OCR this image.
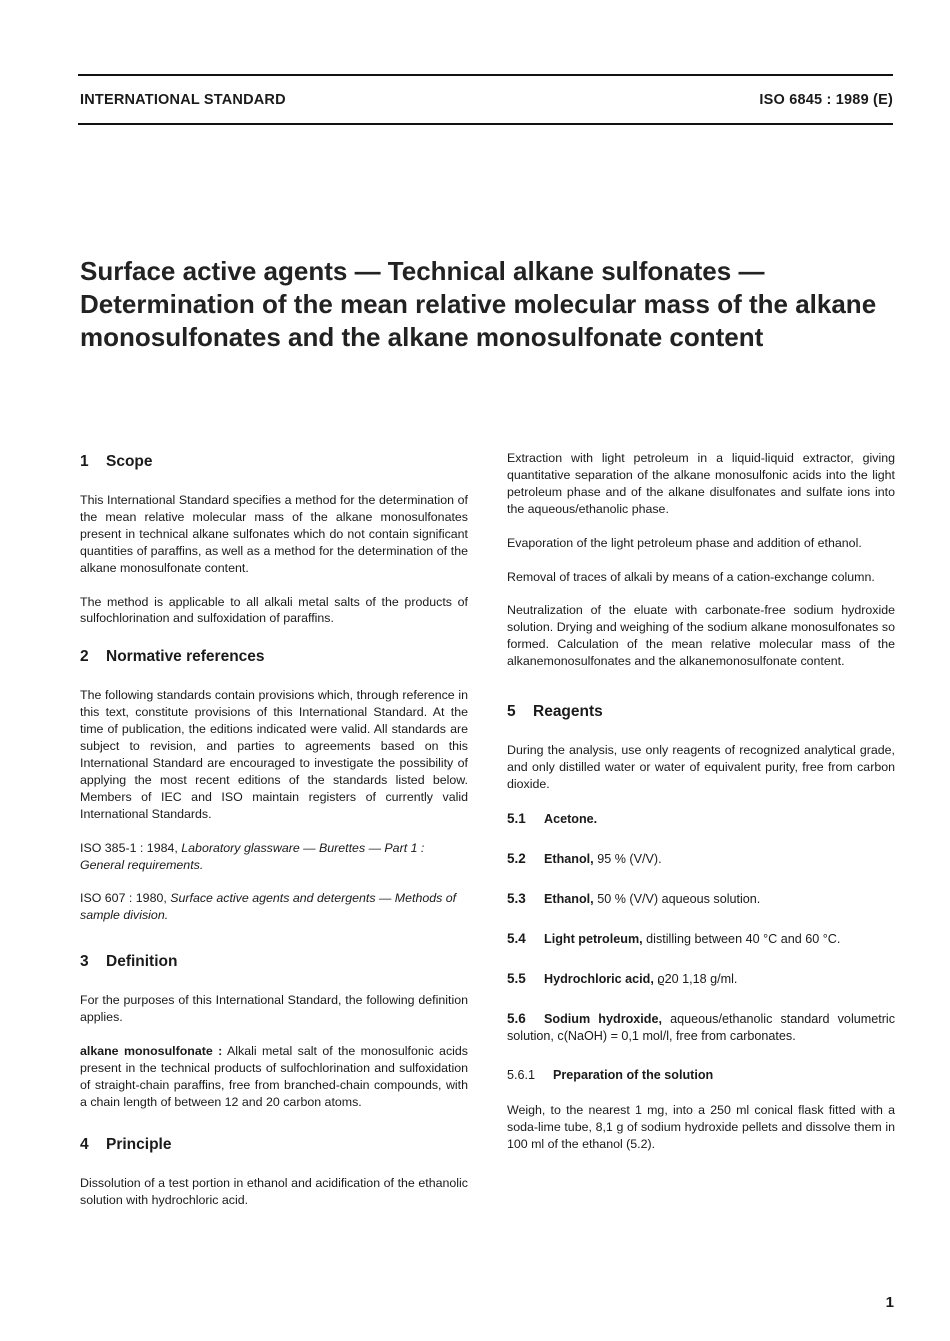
INTERNATIONAL STANDARD	ISO 6845 : 1989 (E)
Surface active agents — Technical alkane sulfonates — Determination of the mean relative molecular mass of the alkane monosulfonates and the alkane monosulfonate content
1 Scope

This International Standard specifies a method for the determination of the mean relative molecular mass of the alkane monosulfonates present in technical alkane sulfonates which do not contain significant quantities of paraffins, as well as a method for the determination of the alkane monosulfonate content.

The method is applicable to all alkali metal salts of the products of sulfochlorination and sulfoxidation of paraffins.

2 Normative references

The following standards contain provisions which, through reference in this text, constitute provisions of this International Standard. At the time of publication, the editions indicated were valid. All standards are subject to revision, and parties to agreements based on this International Standard are encouraged to investigate the possibility of applying the most recent editions of the standards listed below. Members of IEC and ISO maintain registers of currently valid International Standards.

ISO 385-1 : 1984, Laboratory glassware — Burettes — Part 1 : General requirements.

ISO 607 : 1980, Surface active agents and detergents — Methods of sample division.

3 Definition

For the purposes of this International Standard, the following definition applies.

alkane monosulfonate : Alkali metal salt of the monosulfonic acids present in the technical products of sulfochlorination and sulfoxidation of straight-chain paraffins, free from branched-chain compounds, with a chain length of between 12 and 20 carbon atoms.

4 Principle

Dissolution of a test portion in ethanol and acidification of the ethanolic solution with hydrochloric acid.

Extraction with light petroleum in a liquid-liquid extractor, giving quantitative separation of the alkane monosulfonic acids into the light petroleum phase and of the alkane disulfonates and sulfate ions into the aqueous/ethanolic phase.

Evaporation of the light petroleum phase and addition of ethanol.

Removal of traces of alkali by means of a cation-exchange column.

Neutralization of the eluate with carbonate-free sodium hydroxide solution. Drying and weighing of the sodium alkane monosulfonates so formed. Calculation of the mean relative molecular mass of the alkanemonosulfonates and the alkanemonosulfonate content.

5 Reagents

During the analysis, use only reagents of recognized analytical grade, and only distilled water or water of equivalent purity, free from carbon dioxide.

5.1 Acetone.
5.2 Ethanol, 95 % (V/V).
5.3 Ethanol, 50 % (V/V) aqueous solution.
5.4 Light petroleum, distilling between 40 °C and 60 °C.
5.5 Hydrochloric acid, ϱ20 1,18 g/ml.
5.6 Sodium hydroxide, aqueous/ethanolic standard volumetric solution, c(NaOH) = 0,1 mol/l, free from carbonates.
5.6.1 Preparation of the solution

Weigh, to the nearest 1 mg, into a 250 ml conical flask fitted with a soda-lime tube, 8,1 g of sodium hydroxide pellets and dissolve them in 100 ml of the ethanol (5.2).

1
